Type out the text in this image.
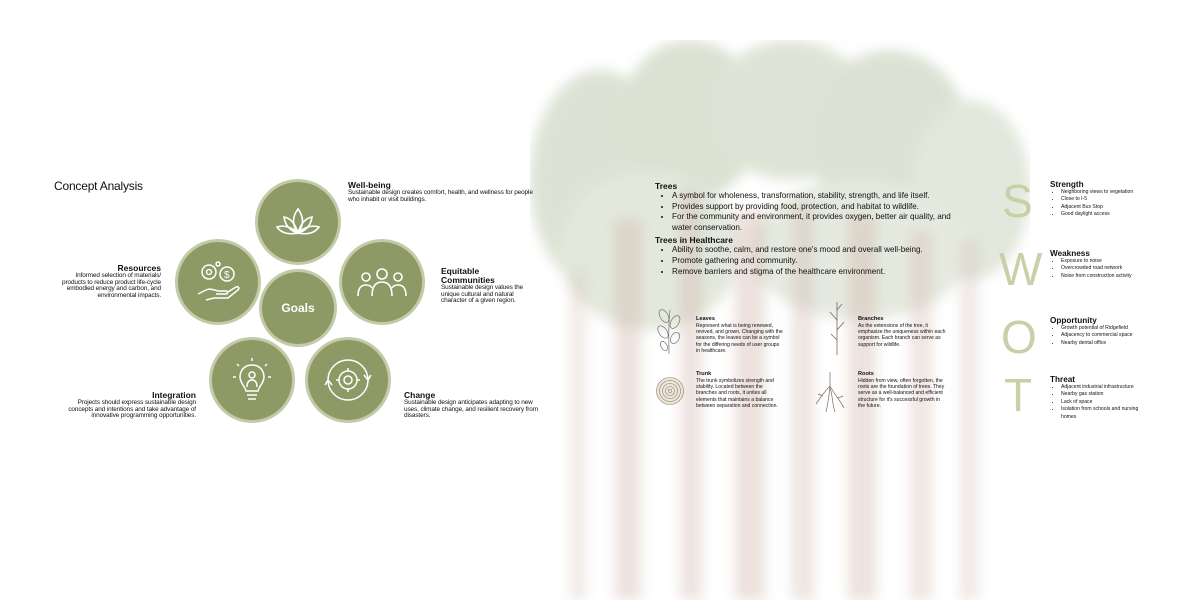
Concept Analysis
$
Goals
Well-being
Sustainable design creates comfort, health, and wellness for people who inhabit or visit buildings.
Equitable Communities
Sustainable design values the unique cultural and natural character of a given region.
Resources
Informed selection of materials/ products to reduce product life-cycle embodied energy and carbon, and environmental impacts.
Integration
Projects should express sustainable design concepts and intentions and take advantage of innovative programming opportunities.
Change
Sustainable design anticipates adapting to new uses, climate change, and resilient recovery from disasters.
Trees
• A symbol for wholeness, transformation, stability, strength, and life itself.
• Provides support by providing food, protection, and habitat to wildlife.
• For the community and environment, it provides oxygen, better air quality, and water conservation.
Trees in Healthcare
• Ability to soothe, calm, and restore one's mood and overall well-being.
• Promote gathering and community.
• Remove barriers and stigma of the healthcare environment.
Leaves
Represent what is being renewed, revived, and grown. Changing with the seasons, the leaves can be a symbol for the differing needs of user groups in healthcare.
Branches
As the extensions of the tree, it emphasize the uniqueness within each organism. Each branch can serve as support for wildlife.
Trunk
The trunk symbolizes strength and stability. Located between the branches and roots, it unites all elements that maintains a balance between separation and connection.
Roots
Hidden from view, often forgotten, the roots are the foundation of trees. They serve as a well-balanced and efficient structure for it's successful growth in the future.
S
W
O
T
Strength
• Neighboring views to vegetation
• Close to I-5
• Adjacent Bus Stop
• Good daylight access
Weakness
• Exposure to noise
• Overcrowded road network
• Noise from construction activity
Opportunity
• Growth potential of Ridgefield
• Adjacency to commercial space
• Nearby dental office
Threat
• Adjacent industrial infrastructure
• Nearby gas station
• Lack of space
• Isolation from schools and nursing homes
